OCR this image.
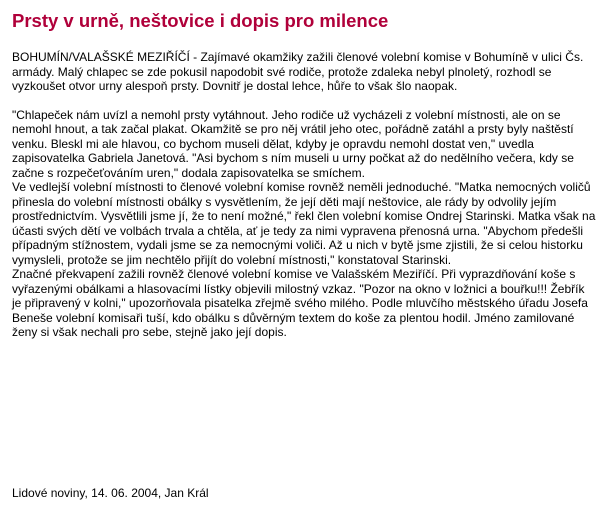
Prsty v urně, neštovice i dopis pro milence

BOHUMÍN/VALAŠSKÉ MEZIŘÍČÍ - Zajímavé okamžiky zažili členové volební komise v Bohumíně v ulici Čs. armády. Malý chlapec se zde pokusil napodobit své rodiče, protože zdaleka nebyl plnoletý, rozhodl se vyzkoušet otvor urny alespoň prsty. Dovnitř je dostal lehce, hůře to však šlo naopak.

"Chlapeček nám uvízl a nemohl prsty vytáhnout. Jeho rodiče už vycházeli z volební místnosti, ale on se nemohl hnout, a tak začal plakat. Okamžitě se pro něj vrátil jeho otec, pořádně zatáhl a prsty byly naštěstí venku. Bleskl mi ale hlavou, co bychom museli dělat, kdyby je opravdu nemohl dostat ven," uvedla zapisovatelka Gabriela Janetová. "Asi bychom s ním museli u urny počkat až do nedělního večera, kdy se začne s rozpečeťováním uren," dodala zapisovatelka se smíchem.

Ve vedlejší volební místnosti to členové volební komise rovněž neměli jednoduché. "Matka nemocných voličů přinesla do volební místnosti obálky s vysvětlením, že její děti mají neštovice, ale rády by odvolily jejím prostřednictvím. Vysvětlili jsme jí, že to není možné," řekl člen volební komise Ondrej Starinski. Matka však na účasti svých dětí ve volbách trvala a chtěla, ať je tedy za nimi vypravena přenosná urna. "Abychom předešli případným stížnostem, vydali jsme se za nemocnými voliči. Až u nich v bytě jsme zjistili, že si celou historku vymysleli, protože se jim nechtělo přijít do volební místnosti," konstatoval Starinski.

Značné překvapení zažili rovněž členové volební komise ve Valašském Meziříčí. Při vyprazdňování koše s vyřazenými obálkami a hlasovacími lístky objevili milostný vzkaz. "Pozor na okno v ložnici a bouřku!!! Žebřík je připravený v kolni," upozorňovala pisatelka zřejmě svého milého. Podle mluvčího městského úřadu Josefa Beneše volební komisaři tuší, kdo obálku s důvěrným textem do koše za plentou hodil. Jméno zamilované ženy si však nechali pro sebe, stejně jako její dopis.

Lidové noviny, 14. 06. 2004, Jan Král
